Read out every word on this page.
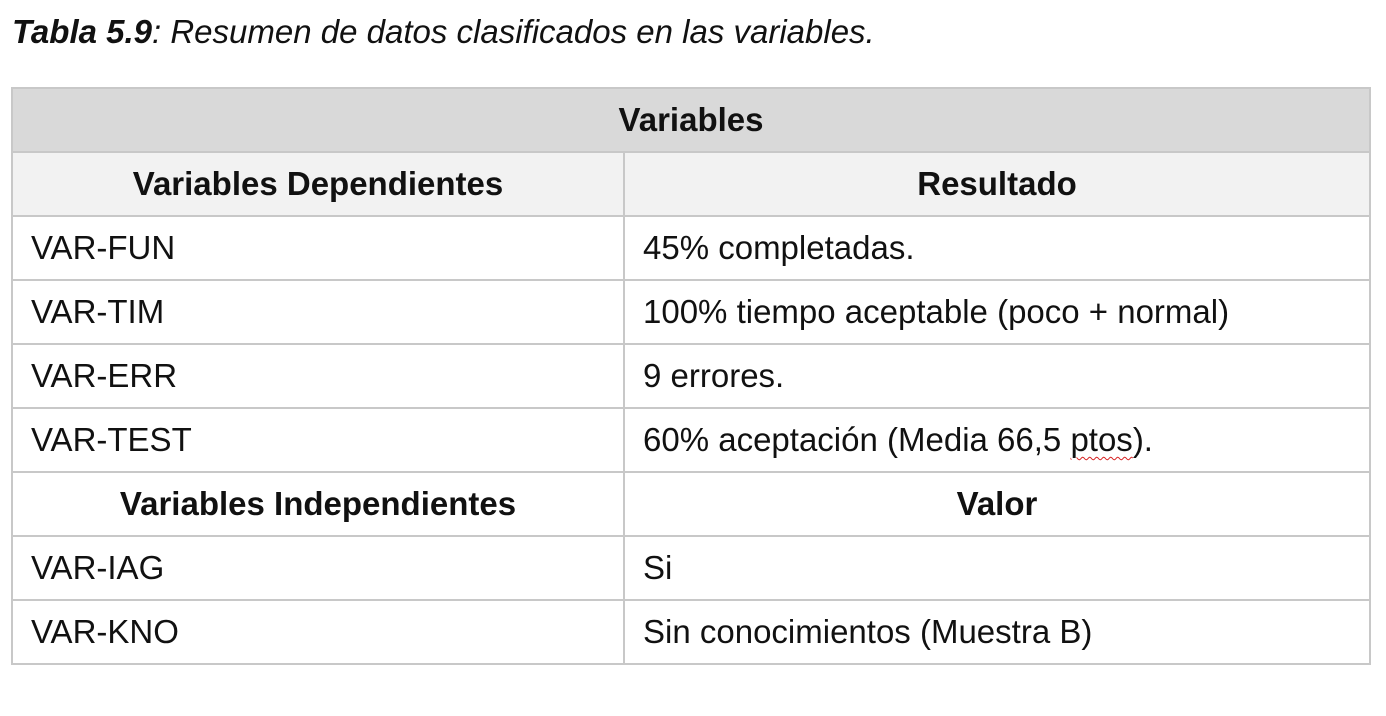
Tabla 5.9: Resumen de datos clasificados en las variables.
Variables	
Variables Dependientes	Resultado
VAR-FUN	45% completadas.
VAR-TIM	100% tiempo aceptable (poco + normal)
VAR-ERR	9 errores.
VAR-TEST	60% aceptación (Media 66,5 ptos).
Variables Independientes	Valor
VAR-IAG	Si
VAR-KNO	Sin conocimientos (Muestra B)
